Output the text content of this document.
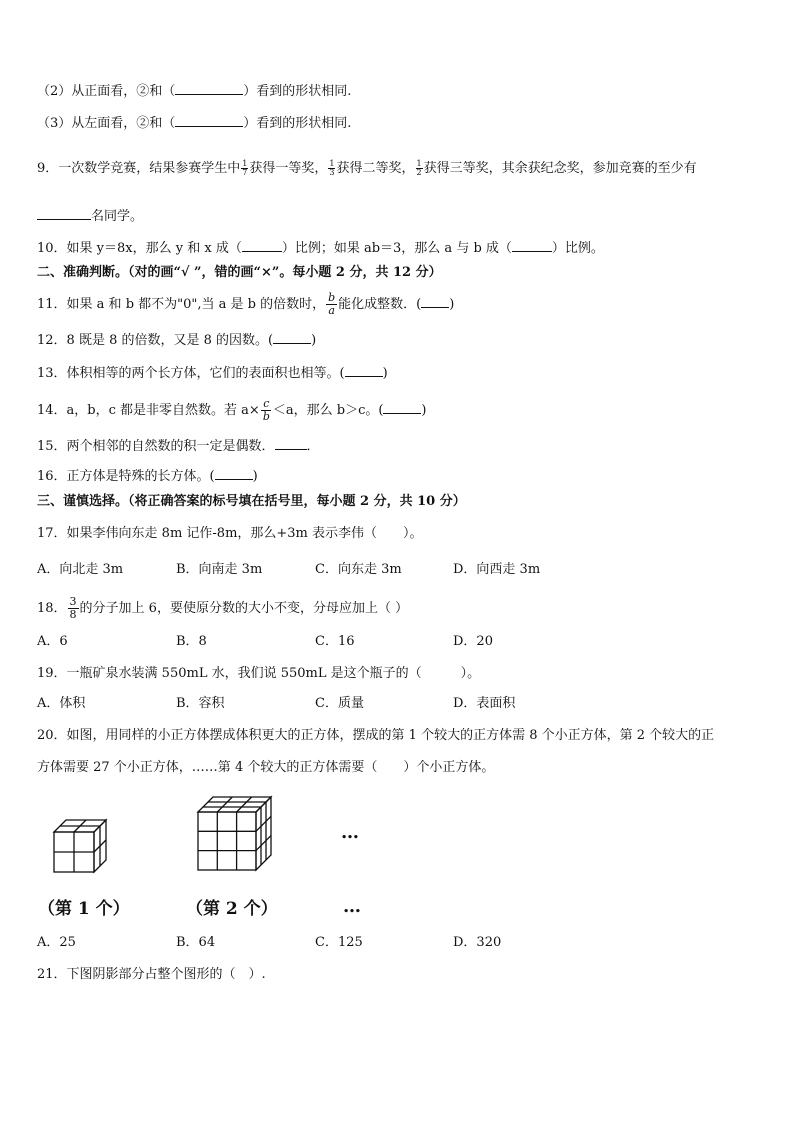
（2）从正面看，②和（	）看到的形状相同.
（3）从左面看，②和（	）看到的形状相同.
9．一次数学竞赛，结果参赛学生中 $\frac{1}{7}$ 获得一等奖， $\frac{1}{3}$ 获得二等奖， $\frac{1}{2}$ 获得三等奖，其余获纪念奖，参加竞赛的至少有
名同学。
10．如果 y＝8x，那么 y 和 x 成（	）比例；如果 ab＝3，那么 a 与 b 成（	）比例。
二、准确判断。（对的画“√ ”，错的画“×”。每小题 2 分，共 12 分）
11．如果 a 和 b 都不为"0",当 a 是 b 的倍数时， $\frac{b}{a}$ 能化成整数．( )
12．8 既是 8 的倍数，又是 8 的因数。(	)
13．体积相等的两个长方体，它们的表面积也相等。(	)
14．a，b，c 都是非零自然数。若 $a\times \frac{c}{b} <a$，那么 b＞c。(	)
15．两个相邻的自然数的积一定是偶数． ．
16．正方体是特殊的长方体。(	)
三、谨慎选择。（将正确答案的标号填在括号里，每小题 2 分，共 10 分）
17．如果李伟向东走 8m 记作-8m，那么+3m 表示李伟（　　）。
A．向北走 3m	B．向南走 3m	C．向东走 3m	D．向西走 3m
18． $\frac{3}{8}$ 的分子加上 6，要使原分数的大小不变，分母应加上（ ）
A．6	B．8	C．16	D．20
19．一瓶矿泉水装满 550mL 水，我们说 550mL 是这个瓶子的（　　　）。
A．体积	B．容积	C．质量	D．表面积
20．如图，用同样的小正方体摆成体积更大的正方体，摆成的第 1 个较大的正方体需 8 个小正方体，第 2 个较大的正
方体需要 27 个小正方体，……第 4 个较大的正方体需要（　　）个小正方体。
…
（第 1 个）	（第 2 个）	…
A．25	B．64	C．125	D．320
21．下图阴影部分占整个图形的（　）.
